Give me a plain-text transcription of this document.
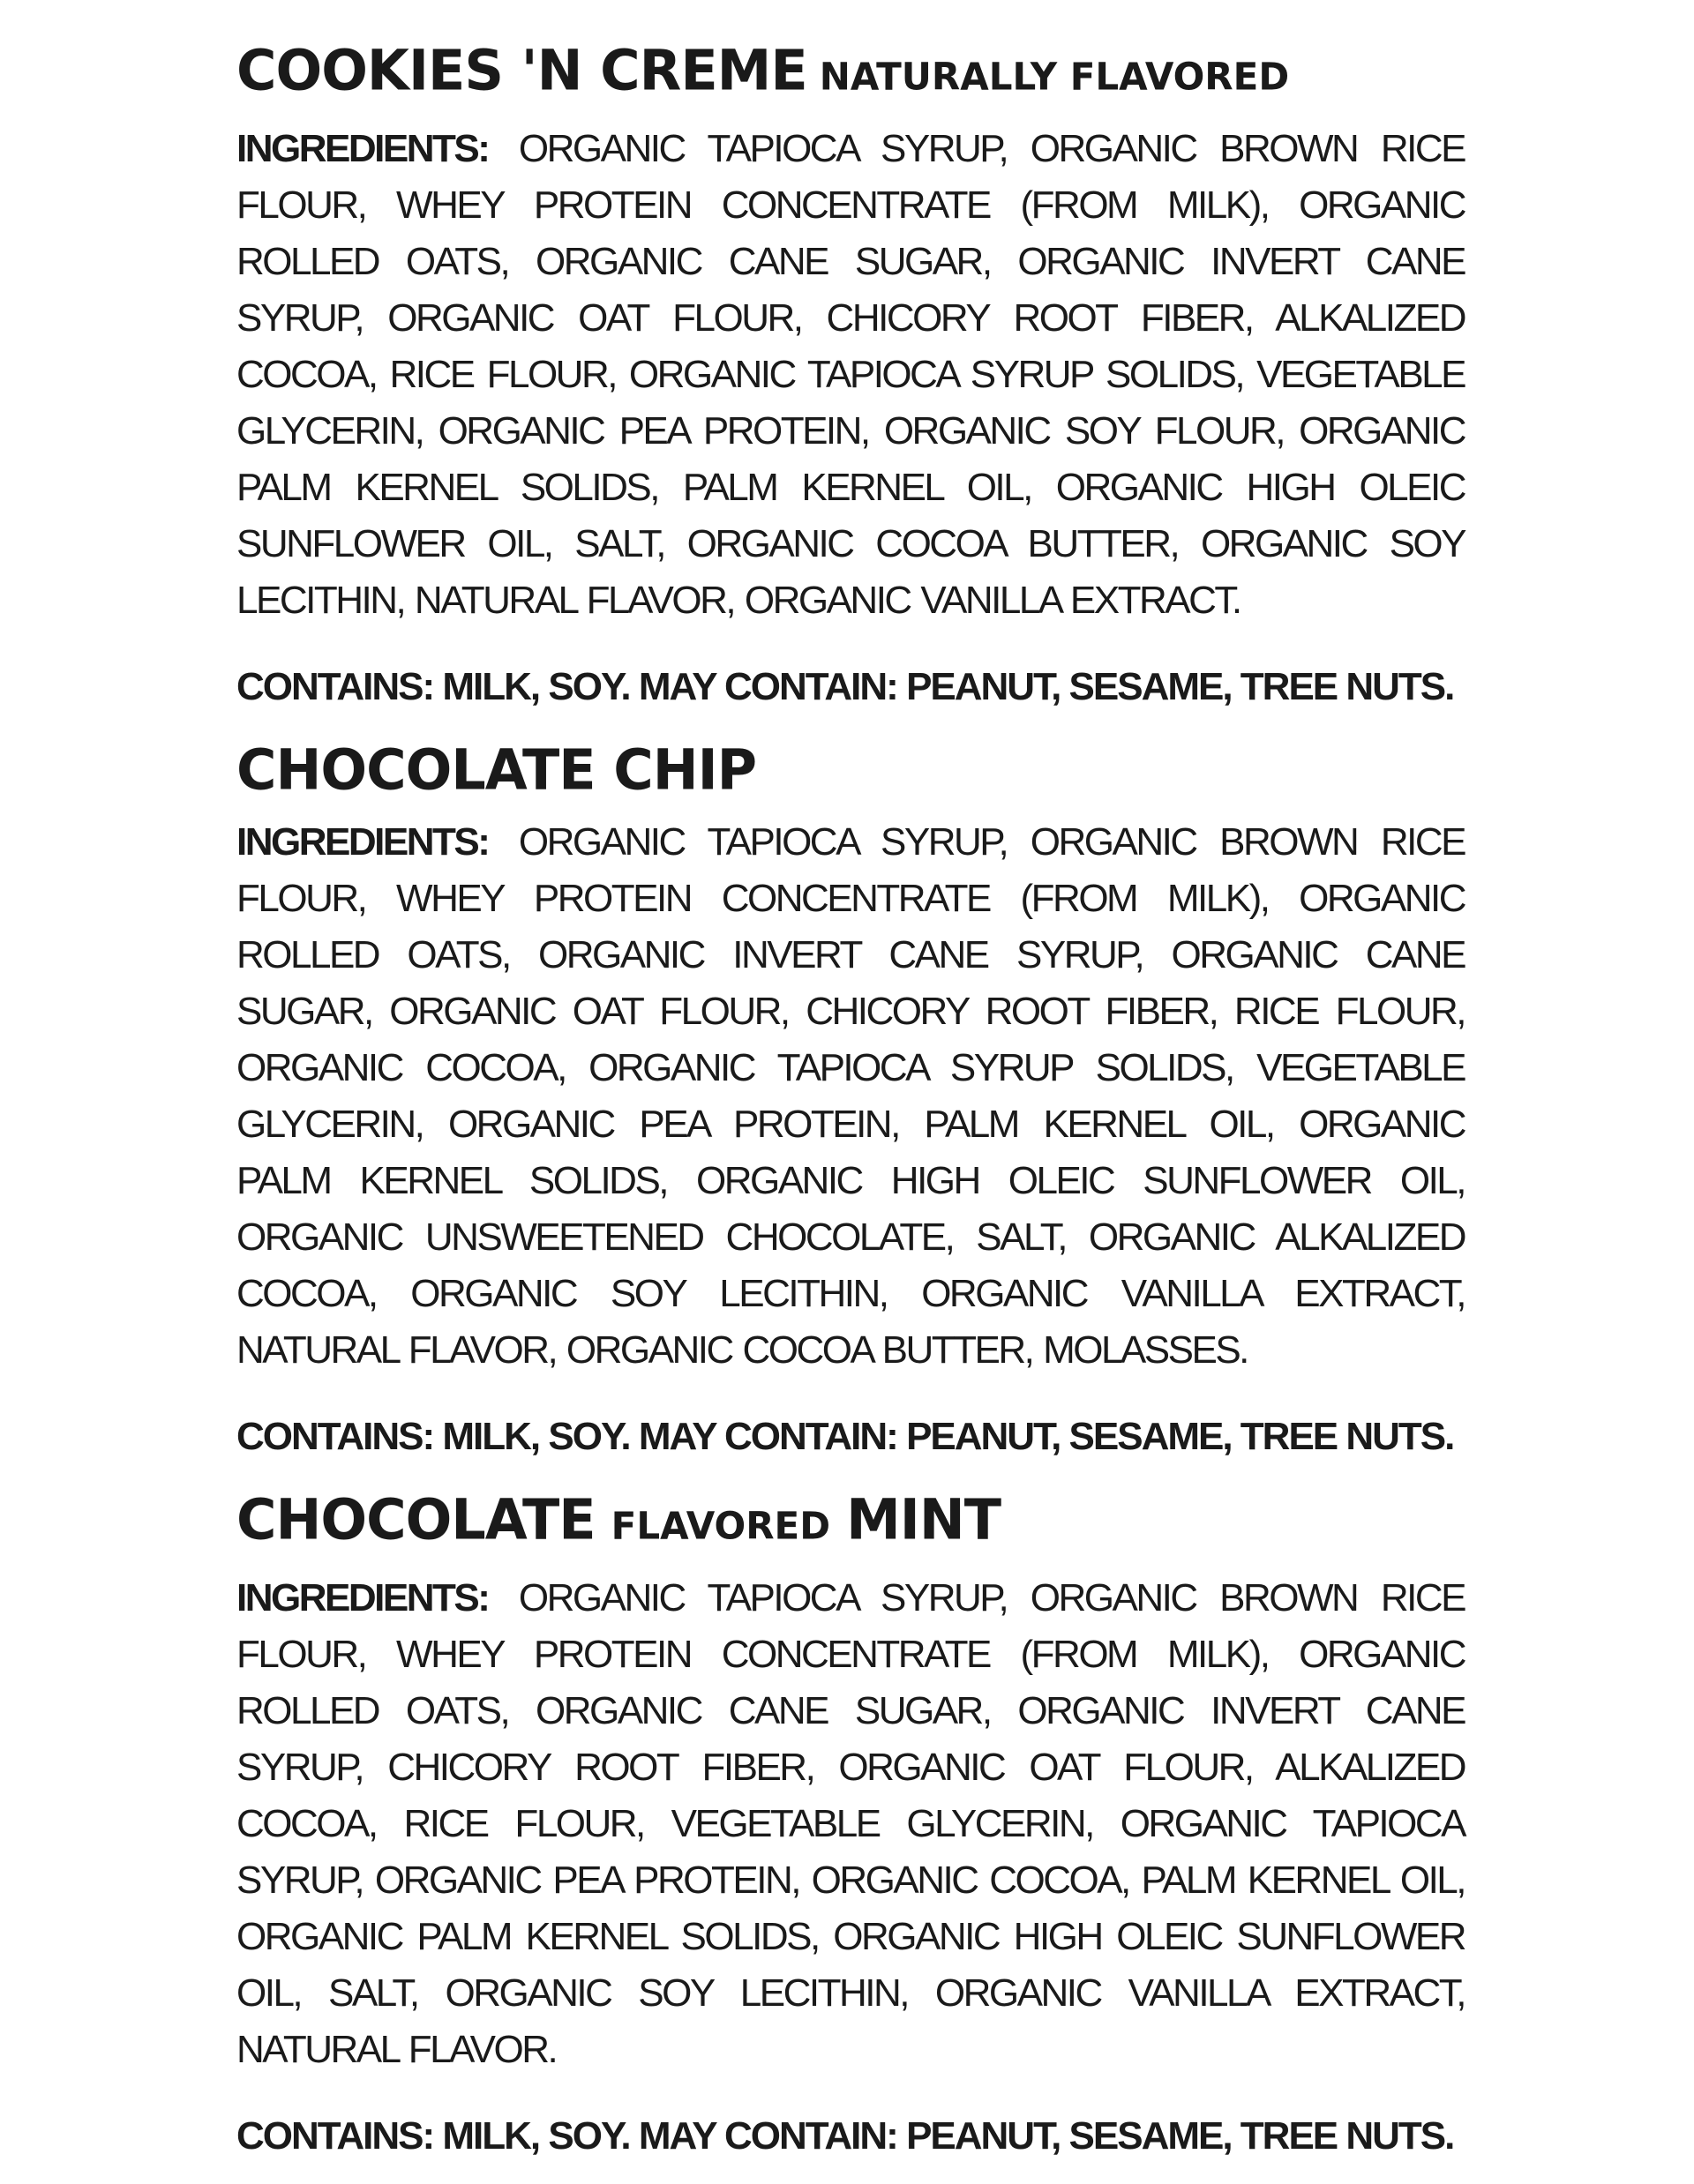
COOKIES 'N CREME NATURALLY FLAVORED

INGREDIENTS: ORGANIC TAPIOCA SYRUP, ORGANIC BROWN RICE FLOUR, WHEY PROTEIN CONCENTRATE (FROM MILK), ORGANIC ROLLED OATS, ORGANIC CANE SUGAR, ORGANIC INVERT CANE SYRUP, ORGANIC OAT FLOUR, CHICORY ROOT FIBER, ALKALIZED COCOA, RICE FLOUR, ORGANIC TAPIOCA SYRUP SOLIDS, VEGETABLE GLYCERIN, ORGANIC PEA PROTEIN, ORGANIC SOY FLOUR, ORGANIC PALM KERNEL SOLIDS, PALM KERNEL OIL, ORGANIC HIGH OLEIC SUNFLOWER OIL, SALT, ORGANIC COCOA BUTTER, ORGANIC SOY LECITHIN, NATURAL FLAVOR, ORGANIC VANILLA EXTRACT.

CONTAINS: MILK, SOY. MAY CONTAIN: PEANUT, SESAME, TREE NUTS.

CHOCOLATE CHIP

INGREDIENTS: ORGANIC TAPIOCA SYRUP, ORGANIC BROWN RICE FLOUR, WHEY PROTEIN CONCENTRATE (FROM MILK), ORGANIC ROLLED OATS, ORGANIC INVERT CANE SYRUP, ORGANIC CANE SUGAR, ORGANIC OAT FLOUR, CHICORY ROOT FIBER, RICE FLOUR, ORGANIC COCOA, ORGANIC TAPIOCA SYRUP SOLIDS, VEGETABLE GLYCERIN, ORGANIC PEA PROTEIN, PALM KERNEL OIL, ORGANIC PALM KERNEL SOLIDS, ORGANIC HIGH OLEIC SUNFLOWER OIL, ORGANIC UNSWEETENED CHOCOLATE, SALT, ORGANIC ALKALIZED COCOA, ORGANIC SOY LECITHIN, ORGANIC VANILLA EXTRACT, NATURAL FLAVOR, ORGANIC COCOA BUTTER, MOLASSES.

CONTAINS: MILK, SOY. MAY CONTAIN: PEANUT, SESAME, TREE NUTS.

CHOCOLATE FLAVORED MINT

INGREDIENTS: ORGANIC TAPIOCA SYRUP, ORGANIC BROWN RICE FLOUR, WHEY PROTEIN CONCENTRATE (FROM MILK), ORGANIC ROLLED OATS, ORGANIC CANE SUGAR, ORGANIC INVERT CANE SYRUP, CHICORY ROOT FIBER, ORGANIC OAT FLOUR, ALKALIZED COCOA, RICE FLOUR, VEGETABLE GLYCERIN, ORGANIC TAPIOCA SYRUP, ORGANIC PEA PROTEIN, ORGANIC COCOA, PALM KERNEL OIL, ORGANIC PALM KERNEL SOLIDS, ORGANIC HIGH OLEIC SUNFLOWER OIL, SALT, ORGANIC SOY LECITHIN, ORGANIC VANILLA EXTRACT, NATURAL FLAVOR.

CONTAINS: MILK, SOY. MAY CONTAIN: PEANUT, SESAME, TREE NUTS.
